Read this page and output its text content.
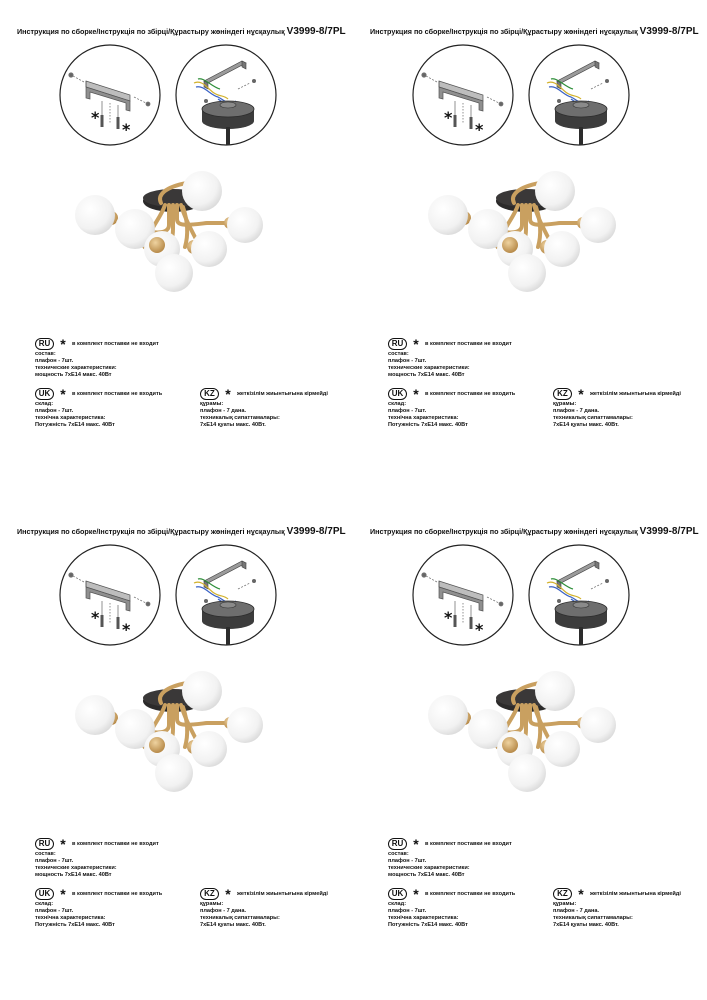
Инструкция по сборке/Інструкція по збірці/Құрастыру жөніндегі нұсқаулық V3999-8/7PL
*
*
RU *	в комплект поставки не входит
состав:
плафон - 7шт.
технические характеристики:
мощность 7xE14 макс. 40Вт
UK *	в комплект поставки не входить
склад:
плафон - 7шт.
технічна характеристика:
Потужність 7xE14 макс. 40Вт
KZ *	жеткізілім жиынтығына кірмейді
құрамы:
плафон - 7 дана.
техникалық сипаттамалары:
7xE14 қуаты макс. 40Вт.
Инструкция по сборке/Інструкція по збірці/Құрастыру жөніндегі нұсқаулық V3999-8/7PL
*
*
RU *	в комплект поставки не входит
состав:
плафон - 7шт.
технические характеристики:
мощность 7xE14 макс. 40Вт
UK *	в комплект поставки не входить
склад:
плафон - 7шт.
технічна характеристика:
Потужність 7xE14 макс. 40Вт
KZ *	жеткізілім жиынтығына кірмейді
құрамы:
плафон - 7 дана.
техникалық сипаттамалары:
7xE14 қуаты макс. 40Вт.
Инструкция по сборке/Інструкція по збірці/Құрастыру жөніндегі нұсқаулық V3999-8/7PL
*
*
RU *	в комплект поставки не входит
состав:
плафон - 7шт.
технические характеристики:
мощность 7xE14 макс. 40Вт
UK *	в комплект поставки не входить
склад:
плафон - 7шт.
технічна характеристика:
Потужність 7xE14 макс. 40Вт
KZ *	жеткізілім жиынтығына кірмейді
құрамы:
плафон - 7 дана.
техникалық сипаттамалары:
7xE14 қуаты макс. 40Вт.
Инструкция по сборке/Інструкція по збірці/Құрастыру жөніндегі нұсқаулық V3999-8/7PL
*
*
RU *	в комплект поставки не входит
состав:
плафон - 7шт.
технические характеристики:
мощность 7xE14 макс. 40Вт
UK *	в комплект поставки не входить
склад:
плафон - 7шт.
технічна характеристика:
Потужність 7xE14 макс. 40Вт
KZ *	жеткізілім жиынтығына кірмейді
құрамы:
плафон - 7 дана.
техникалық сипаттамалары:
7xE14 қуаты макс. 40Вт.
